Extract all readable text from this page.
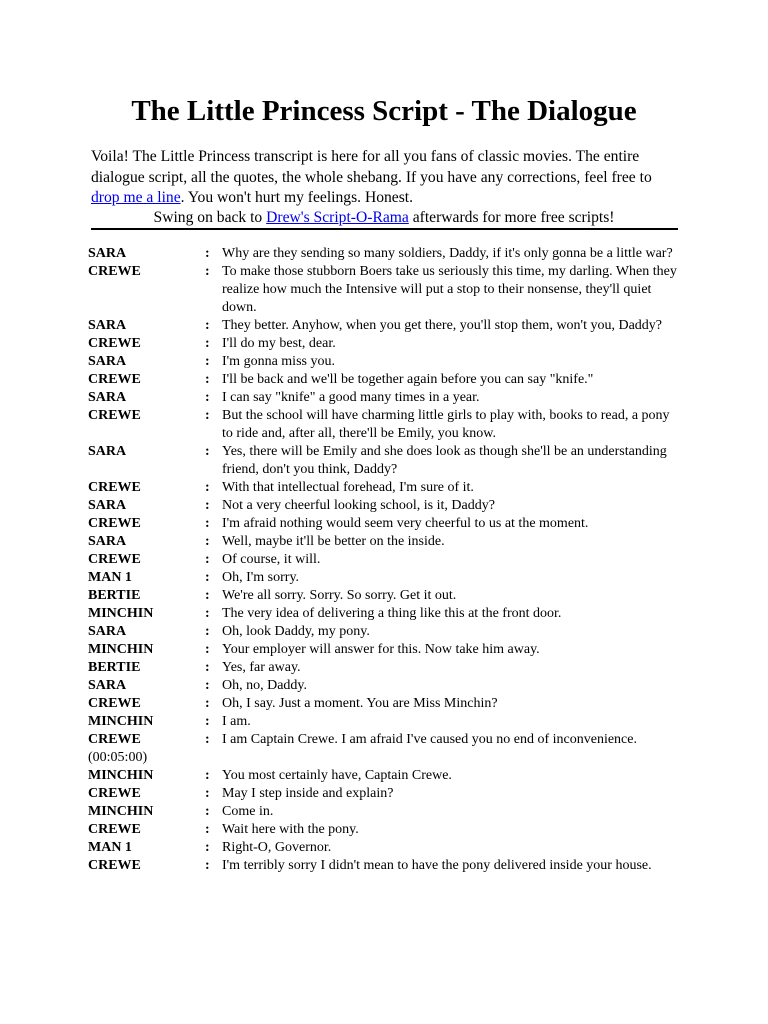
The Little Princess Script - The Dialogue
Voila! The Little Princess transcript is here for all you fans of classic movies. The entire dialogue script, all the quotes, the whole shebang. If you have any corrections, feel free to drop me a line. You won't hurt my feelings. Honest.
Swing on back to Drew's Script-O-Rama afterwards for more free scripts!
SARA	: Why are they sending so many soldiers, Daddy, if it's only gonna be a little war?
CREWE	: To make those stubborn Boers take us seriously this time, my darling. When they realize how much the Intensive will put a stop to their nonsense, they'll quiet down.
SARA	: They better. Anyhow, when you get there, you'll stop them, won't you, Daddy?
CREWE	: I'll do my best, dear.
SARA	: I'm gonna miss you.
CREWE	: I'll be back and we'll be together again before you can say "knife."
SARA	: I can say "knife" a good many times in a year.
CREWE	: But the school will have charming little girls to play with, books to read, a pony to ride and, after all, there'll be Emily, you know.
SARA	: Yes, there will be Emily and she does look as though she'll be an understanding friend, don't you think, Daddy?
CREWE	: With that intellectual forehead, I'm sure of it.
SARA	: Not a very cheerful looking school, is it, Daddy?
CREWE	: I'm afraid nothing would seem very cheerful to us at the moment.
SARA	: Well, maybe it'll be better on the inside.
CREWE	: Of course, it will.
MAN 1	: Oh, I'm sorry.
BERTIE	: We're all sorry. Sorry. So sorry. Get it out.
MINCHIN	: The very idea of delivering a thing like this at the front door.
SARA	: Oh, look Daddy, my pony.
MINCHIN	: Your employer will answer for this. Now take him away.
BERTIE	: Yes, far away.
SARA	: Oh, no, Daddy.
CREWE	: Oh, I say. Just a moment. You are Miss Minchin?
MINCHIN	: I am.
CREWE	: I am Captain Crewe. I am afraid I've caused you no end of inconvenience.
(00:05:00)
MINCHIN	: You most certainly have, Captain Crewe.
CREWE	: May I step inside and explain?
MINCHIN	: Come in.
CREWE	: Wait here with the pony.
MAN 1	: Right-O, Governor.
CREWE	: I'm terribly sorry I didn't mean to have the pony delivered inside your house.
